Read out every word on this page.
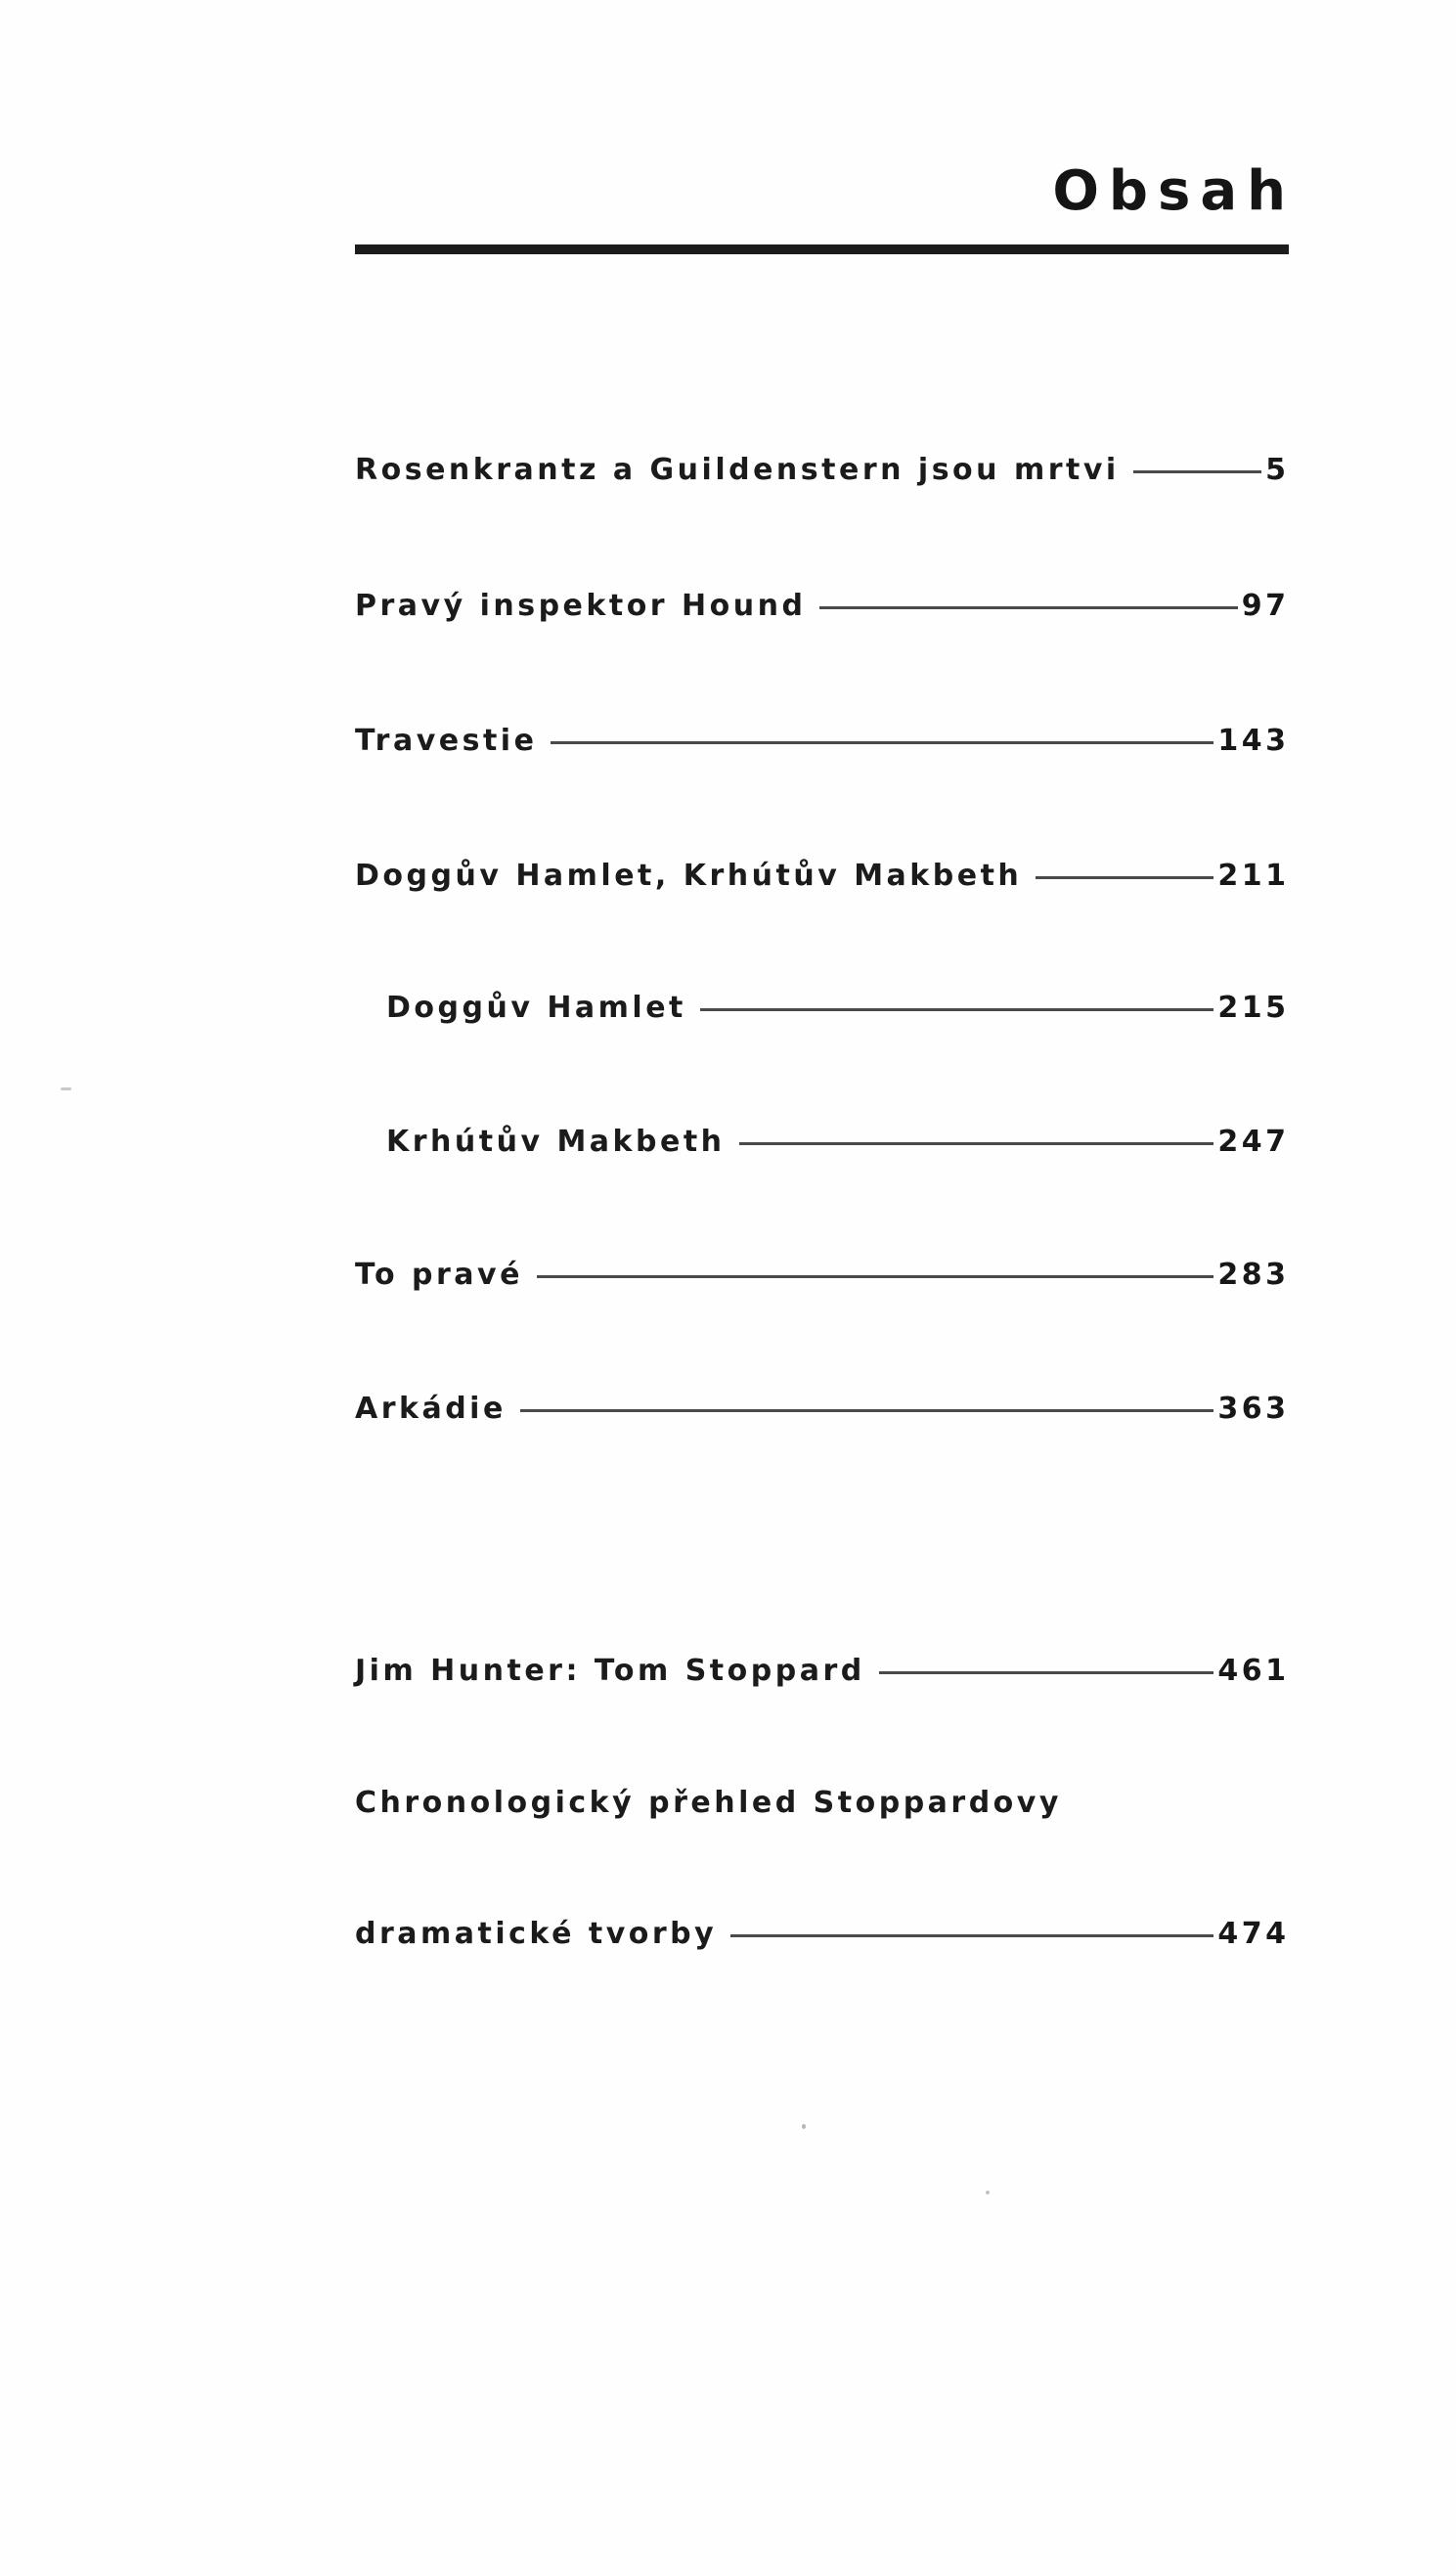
Obsah
Rosenkrantz a Guildenstern jsou mrtvi	5
Pravý inspektor Hound	97
Travestie	143
Doggův Hamlet, Krhútův Makbeth	211
Doggův Hamlet	215
Krhútův Makbeth	247
To pravé	283
Arkádie	363
Jim Hunter: Tom Stoppard	461
Chronologický přehled Stoppardovy
dramatické tvorby	474
